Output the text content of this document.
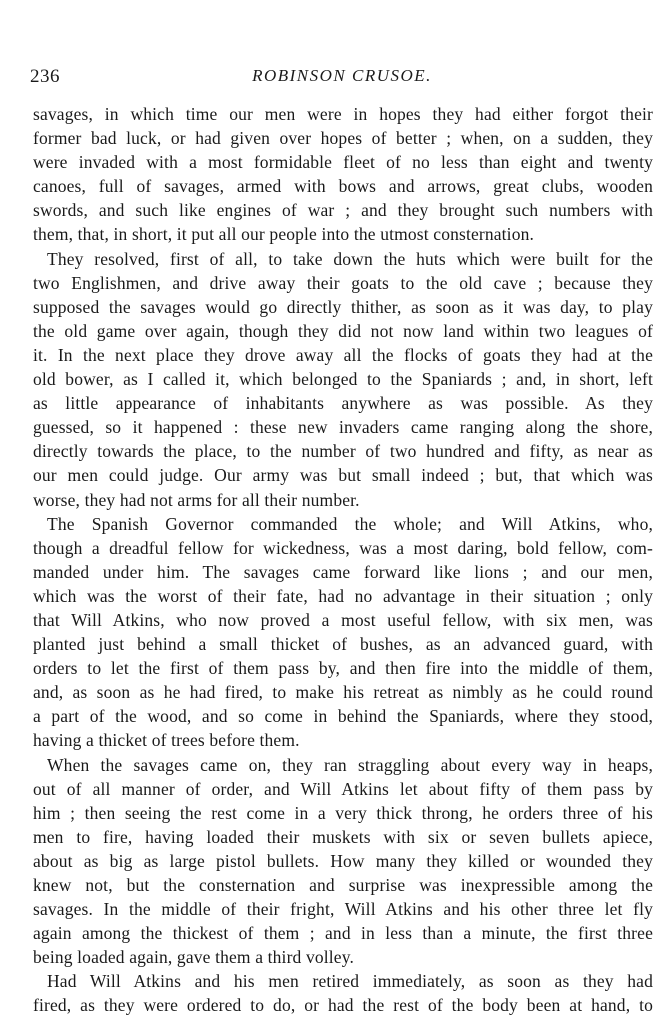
236	ROBINSON CRUSOE.
savages, in which time our men were in hopes they had either forgot their
former bad luck, or had given over hopes of better ; when, on a sudden, they
were invaded with a most formidable fleet of no less than eight and twenty
canoes, full of savages, armed with bows and arrows, great clubs, wooden
swords, and such like engines of war ; and they brought such numbers with
them, that, in short, it put all our people into the utmost consternation.
They resolved, first of all, to take down the huts which were built for the
two Englishmen, and drive away their goats to the old cave ; because they
supposed the savages would go directly thither, as soon as it was day, to play
the old game over again, though they did not now land within two leagues of
it. In the next place they drove away all the flocks of goats they had at the
old bower, as I called it, which belonged to the Spaniards ; and, in short, left
as little appearance of inhabitants anywhere as was possible. As they
guessed, so it happened : these new invaders came ranging along the shore,
directly towards the place, to the number of two hundred and fifty, as near as
our men could judge. Our army was but small indeed ; but, that which was
worse, they had not arms for all their number.
The Spanish Governor commanded the whole; and Will Atkins, who,
though a dreadful fellow for wickedness, was a most daring, bold fellow, com-
manded under him. The savages came forward like lions ; and our men,
which was the worst of their fate, had no advantage in their situation ; only
that Will Atkins, who now proved a most useful fellow, with six men, was
planted just behind a small thicket of bushes, as an advanced guard, with
orders to let the first of them pass by, and then fire into the middle of them,
and, as soon as he had fired, to make his retreat as nimbly as he could round
a part of the wood, and so come in behind the Spaniards, where they stood,
having a thicket of trees before them.
When the savages came on, they ran straggling about every way in heaps,
out of all manner of order, and Will Atkins let about fifty of them pass by
him ; then seeing the rest come in a very thick throng, he orders three of his
men to fire, having loaded their muskets with six or seven bullets apiece,
about as big as large pistol bullets. How many they killed or wounded they
knew not, but the consternation and surprise was inexpressible among the
savages. In the middle of their fright, Will Atkins and his other three let fly
again among the thickest of them ; and in less than a minute, the first three
being loaded again, gave them a third volley.
Had Will Atkins and his men retired immediately, as soon as they had
fired, as they were ordered to do, or had the rest of the body been at hand, to
